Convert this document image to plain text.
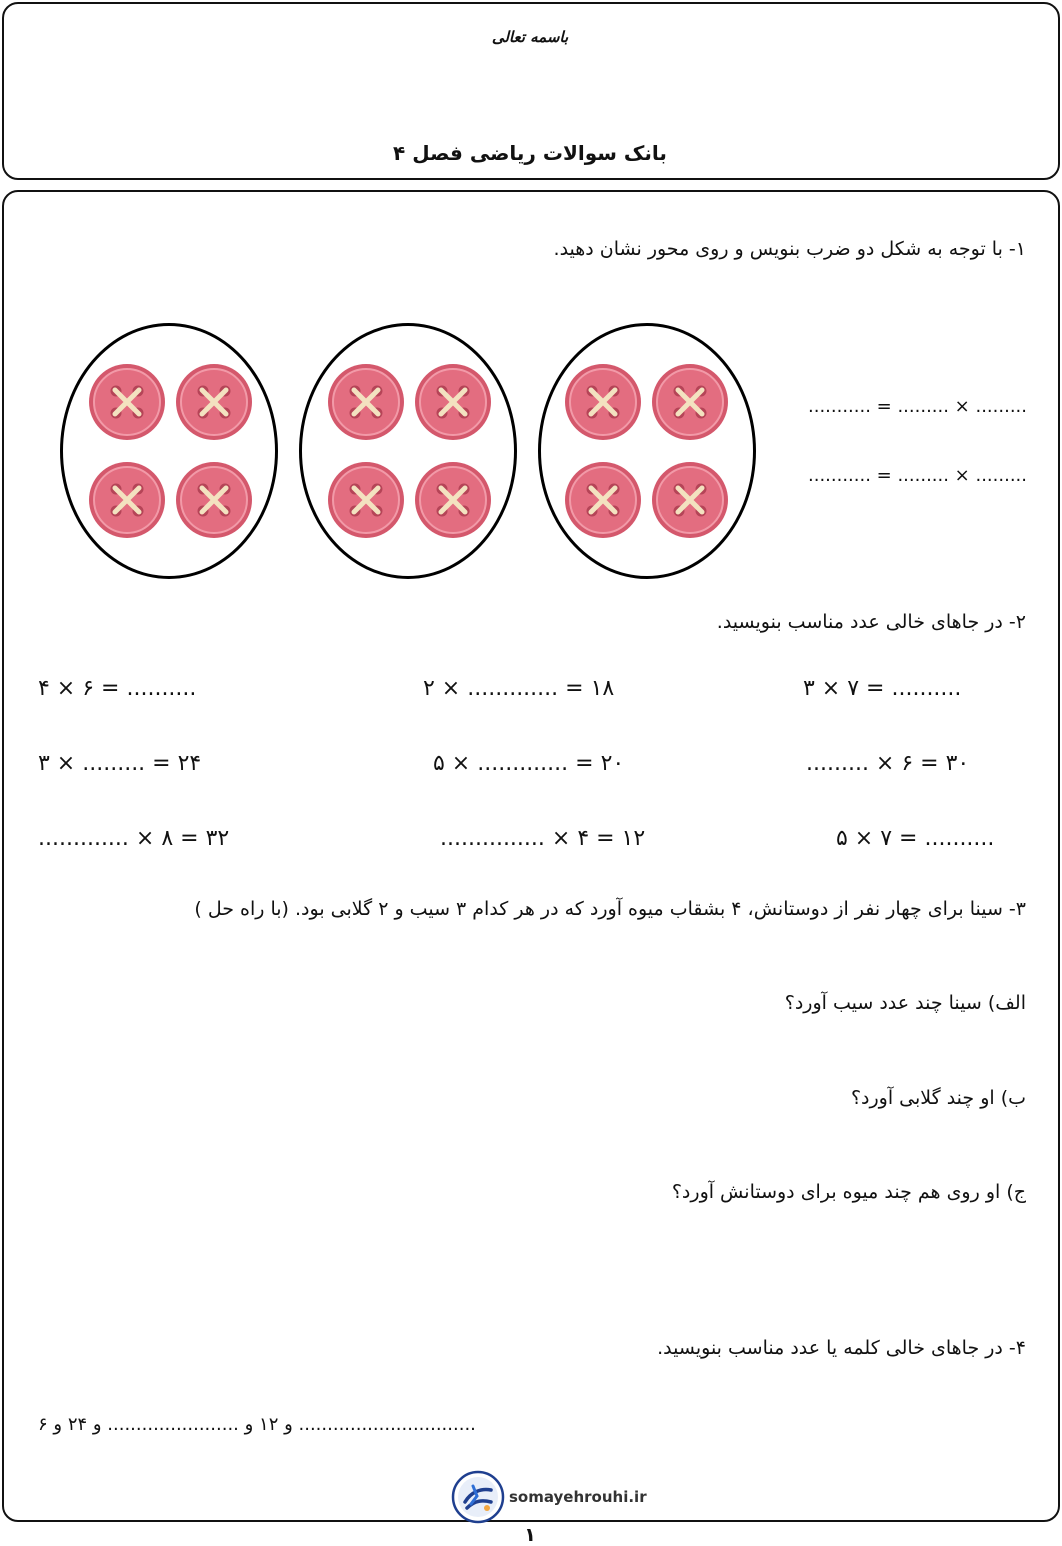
باسمه تعالی
بانک سوالات ریاضی فصل ۴
۱- با توجه به شکل دو ضرب بنویس و روی محور نشان دهید.
........... = ......... × .........
........... = ......... × .........
۲- در جاهای خالی عدد مناسب بنویسید.
۳ × ۷ = ..........
۲ × ............. = ۱۸
۴ × ۶ = ..........
......... × ۶ = ۳۰
۵ × ............. = ۲۰
۳ × ......... = ۲۴
۵ × ۷ = ..........
............... × ۴ = ۱۲
............. × ۸ = ۳۲
۳- سینا برای چهار نفر از دوستانش، ۴ بشقاب میوه آورد که در هر کدام ۳ سیب و ۲ گلابی بود. (با راه حل )
الف) سینا چند عدد سیب آورد؟
ب) او چند گلابی آورد؟
ج) او روی هم چند میوه برای دوستانش آورد؟
۴- در جاهای خالی کلمه یا عدد مناسب بنویسید.
۶ و ۱۲ و ....................... و ۲۴ و ...............................
somayehrouhi.ir
۱
